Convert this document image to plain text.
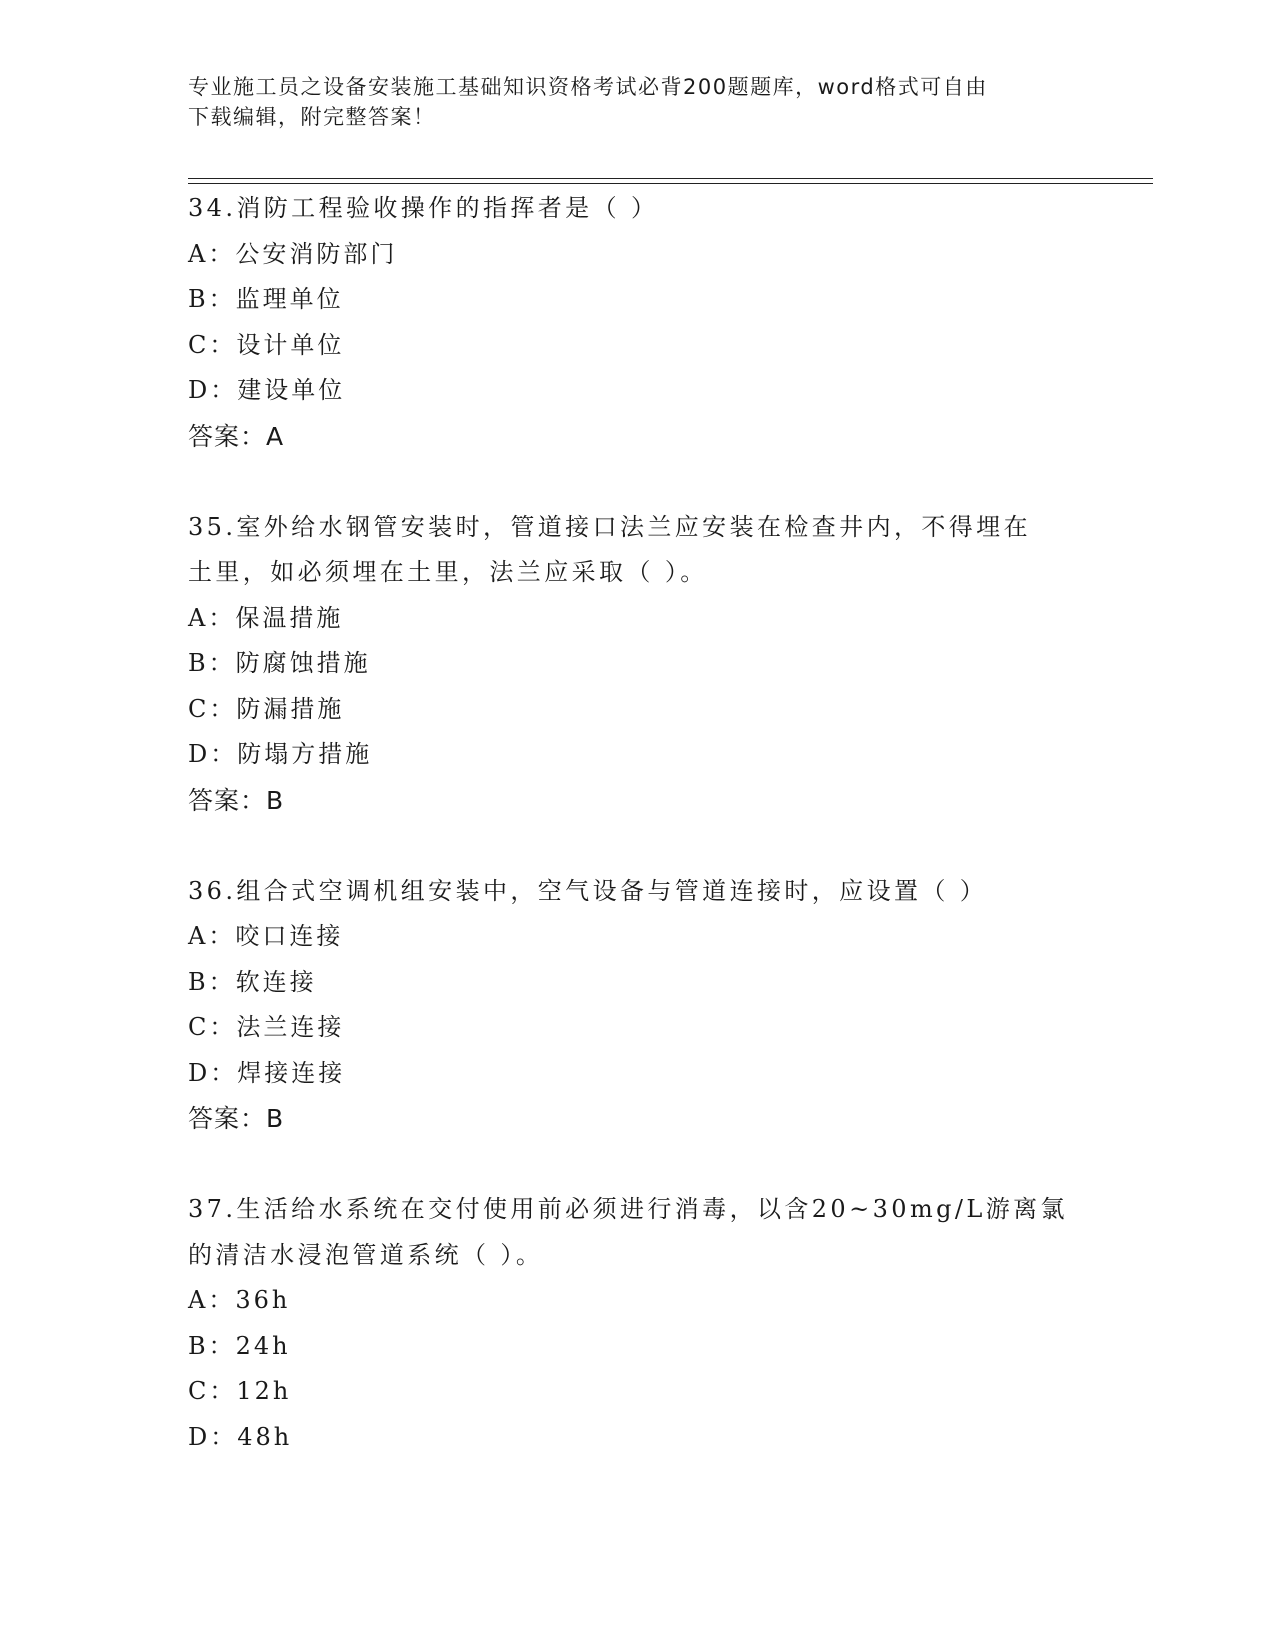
专业施工员之设备安装施工基础知识资格考试必背200题题库，word格式可自由
下载编辑，附完整答案！
34.消防工程验收操作的指挥者是（ ）
A：公安消防部门
B：监理单位
C：设计单位
D：建设单位
答案：A
35.室外给水钢管安装时，管道接口法兰应安装在检查井内，不得埋在
土里，如必须埋在土里，法兰应采取（ ）。
A：保温措施
B：防腐蚀措施
C：防漏措施
D：防塌方措施
答案：B
36.组合式空调机组安装中，空气设备与管道连接时，应设置（ ）
A：咬口连接
B：软连接
C：法兰连接
D：焊接连接
答案：B
37.生活给水系统在交付使用前必须进行消毒，以含20~30mg/L游离氯
的清洁水浸泡管道系统（ ）。
A：36h
B：24h
C：12h
D：48h
